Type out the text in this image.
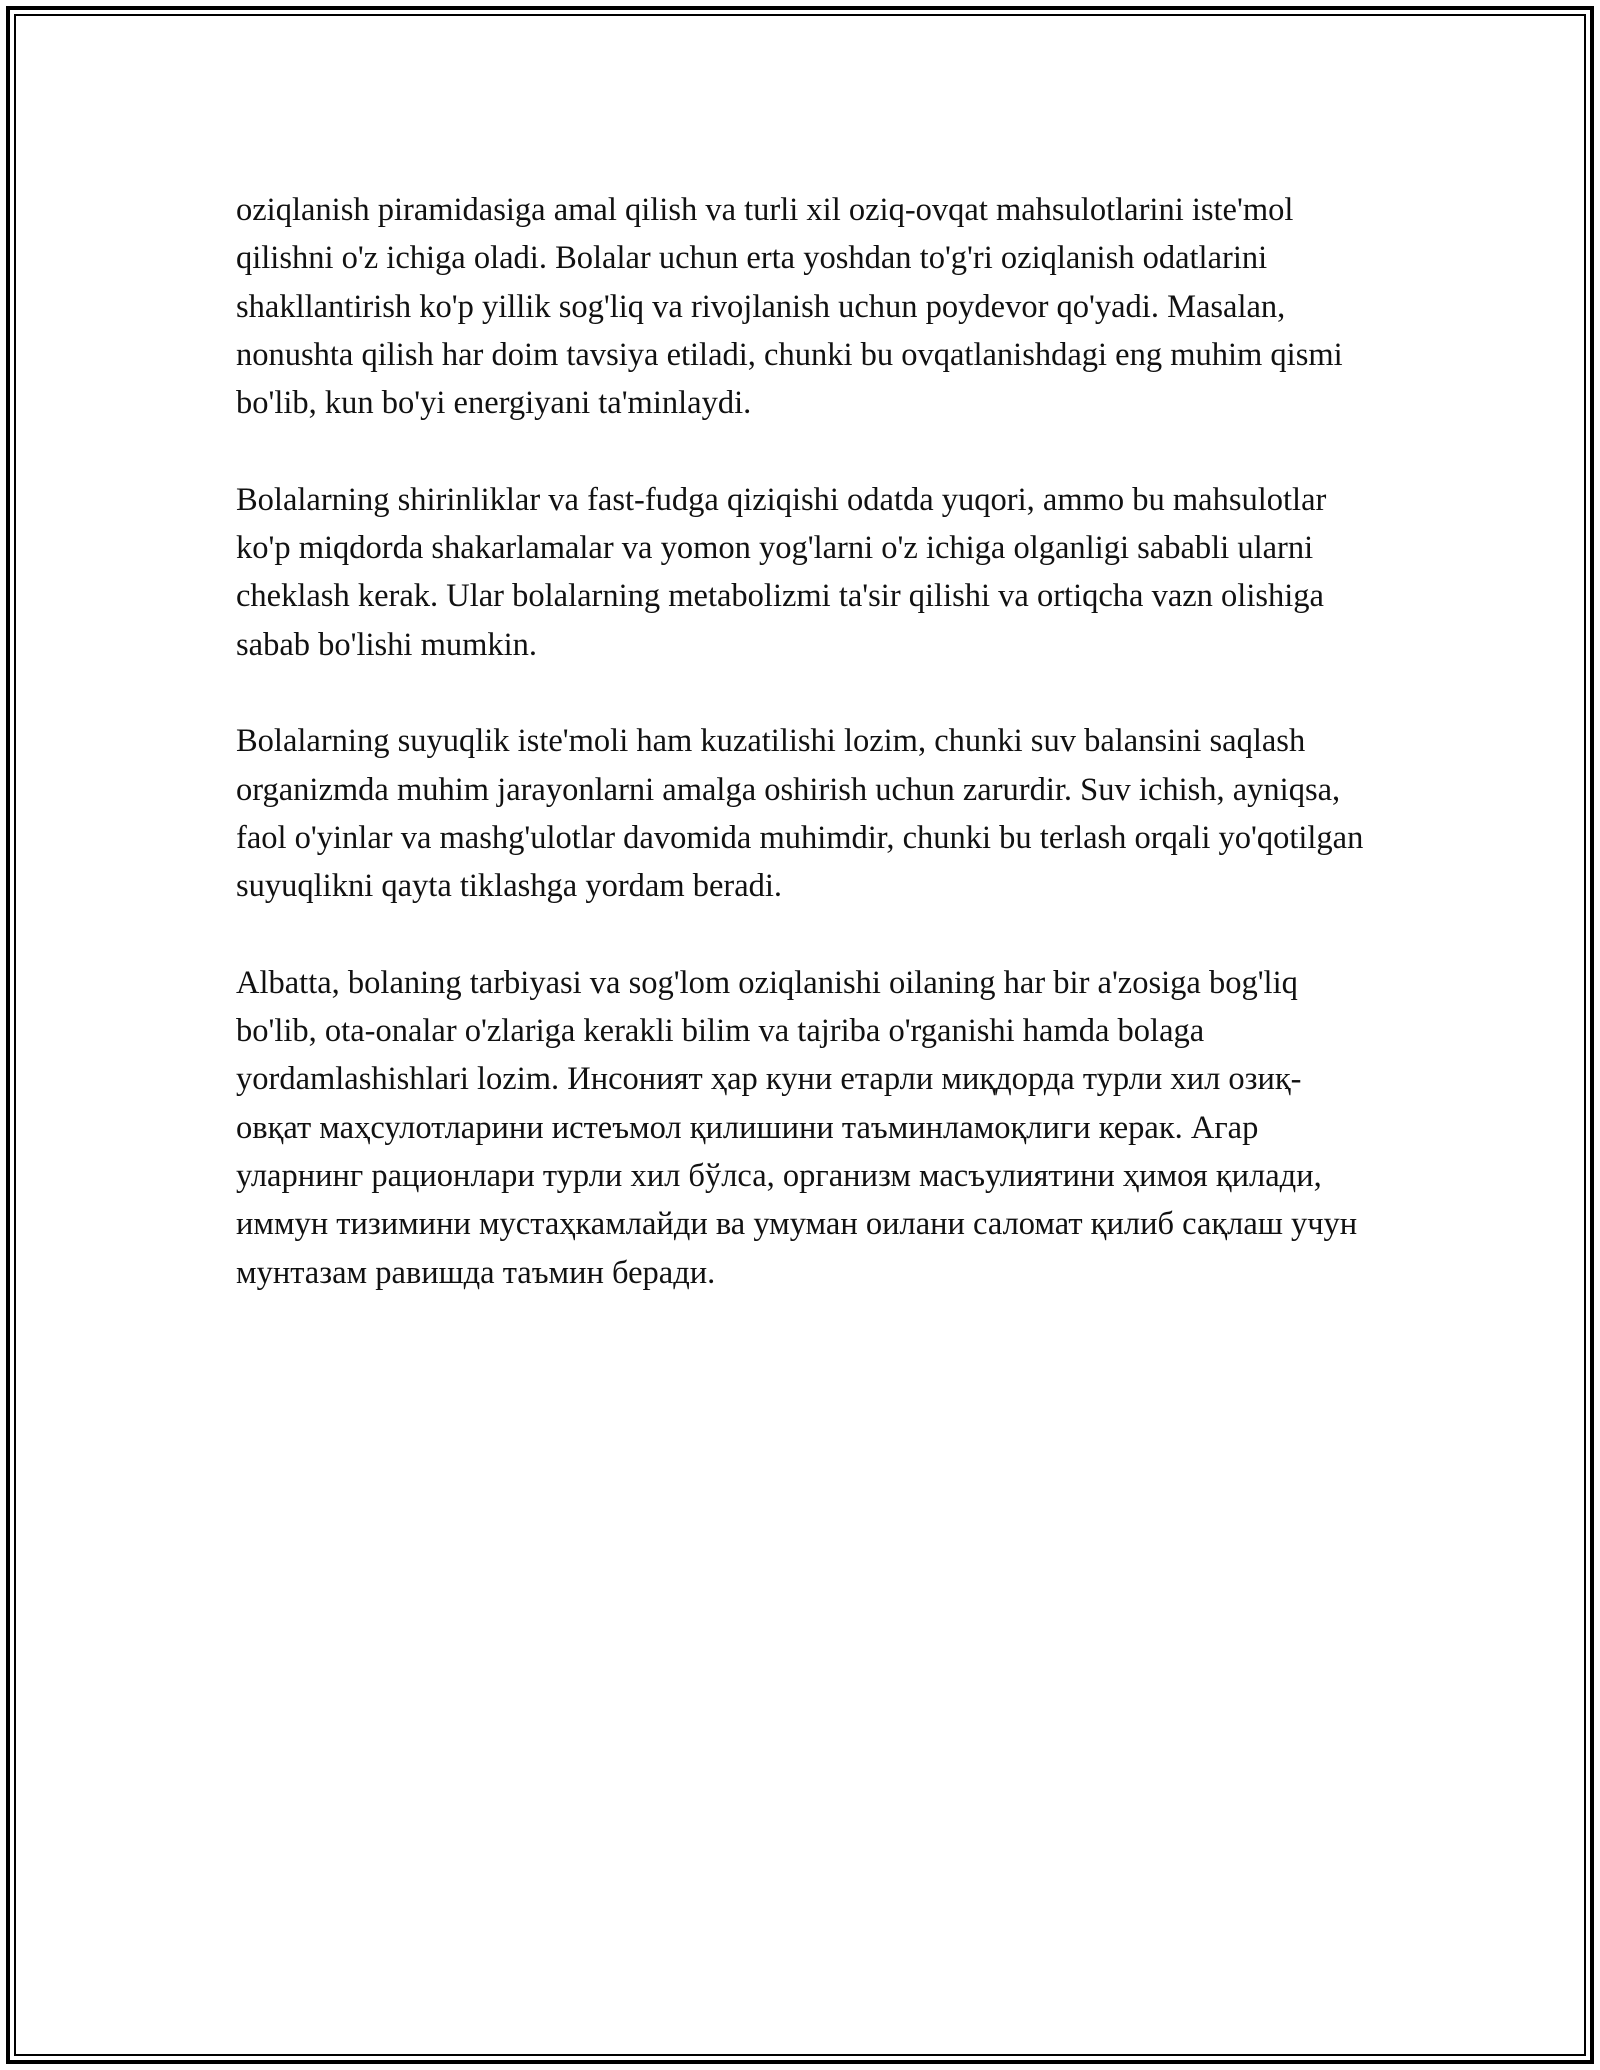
oziqlanish piramidasiga amal qilish va turli xil oziq-ovqat mahsulotlarini iste'mol qilishni o'z ichiga oladi. Bolalar uchun erta yoshdan to'g'ri oziqlanish odatlarini shakllantirish ko'p yillik sog'liq va rivojlanish uchun poydevor qo'yadi. Masalan, nonushta qilish har doim tavsiya etiladi, chunki bu ovqatlanishdagi eng muhim qismi bo'lib, kun bo'yi energiyani ta'minlaydi.

Bolalarning shirinliklar va fast-fudga qiziqishi odatda yuqori, ammo bu mahsulotlar ko'p miqdorda shakarlamalar va yomon yog'larni o'z ichiga olganligi sababli ularni cheklash kerak. Ular bolalarning metabolizmi ta'sir qilishi va ortiqcha vazn olishiga sabab bo'lishi mumkin.

Bolalarning suyuqlik iste'moli ham kuzatilishi lozim, chunki suv balansini saqlash organizmda muhim jarayonlarni amalga oshirish uchun zarurdir. Suv ichish, ayniqsa, faol o'yinlar va mashg'ulotlar davomida muhimdir, chunki bu terlash orqali yo'qotilgan suyuqlikni qayta tiklashga yordam beradi.

Albatta, bolaning tarbiyasi va sog'lom oziqlanishi oilaning har bir a'zosiga bog'liq bo'lib, ota-onalar o'zlariga kerakli bilim va tajriba o'rganishi hamda bolaga yordamlashishlari lozim. Инсоният ҳар куни етарли миқдорда турли хил озиқ-овқат маҳсулотларини истеъмол қилишини таъминламоқлиги керак. Агар уларнинг рационлари турли хил бўлса, организм масъулиятини ҳимоя қилади, иммун тизимини мустаҳкамлайди ва умуман оилани саломат қилиб сақлаш учун мунтазам равишда таъмин беради.
